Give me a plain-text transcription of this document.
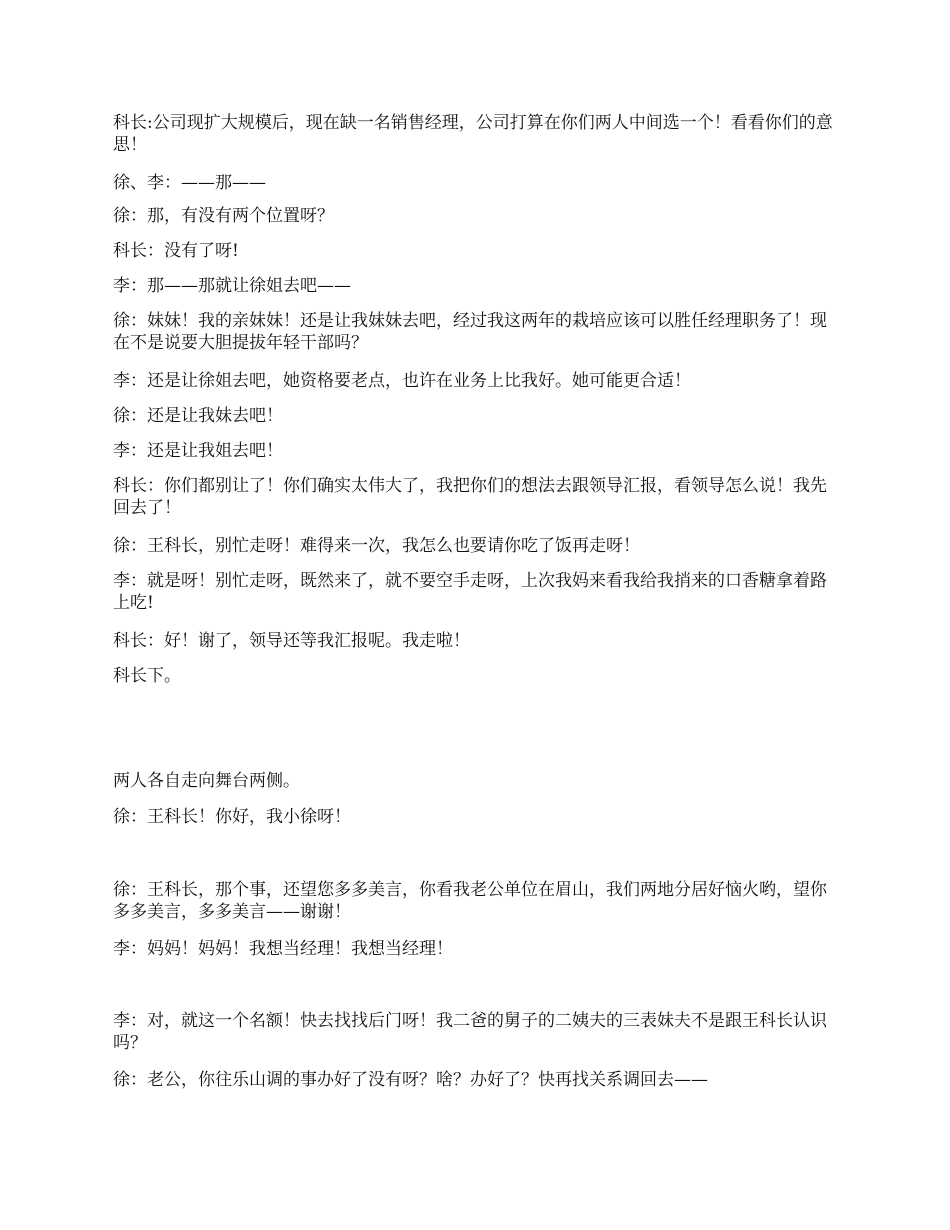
科长:公司现扩大规模后，现在缺一名销售经理，公司打算在你们两人中间选一个！看看你们的意思！
徐、李：——那——
徐：那，有没有两个位置呀？
科长：没有了呀!
李：那——那就让徐姐去吧——
徐：妹妹！我的亲妹妹！还是让我妹妹去吧，经过我这两年的栽培应该可以胜任经理职务了！现在不是说要大胆提拔年轻干部吗？
李：还是让徐姐去吧，她资格要老点，也许在业务上比我好。她可能更合适！
徐：还是让我妹去吧！
李：还是让我姐去吧！
科长：你们都别让了！你们确实太伟大了，我把你们的想法去跟领导汇报，看领导怎么说！我先回去了！
徐：王科长，别忙走呀！难得来一次，我怎么也要请你吃了饭再走呀！
李：就是呀！别忙走呀，既然来了，就不要空手走呀，上次我妈来看我给我捎来的口香糖拿着路上吃!
科长：好！谢了，领导还等我汇报呢。我走啦！
科长下。
两人各自走向舞台两侧。
徐：王科长！你好，我小徐呀！
徐：王科长，那个事，还望您多多美言，你看我老公单位在眉山，我们两地分居好恼火哟，望你多多美言，多多美言——谢谢！
李：妈妈！妈妈！我想当经理！我想当经理！
李：对，就这一个名额！快去找找后门呀！我二爸的舅子的二姨夫的三表妹夫不是跟王科长认识吗？
徐：老公，你往乐山调的事办好了没有呀？啥？办好了？快再找关系调回去——
